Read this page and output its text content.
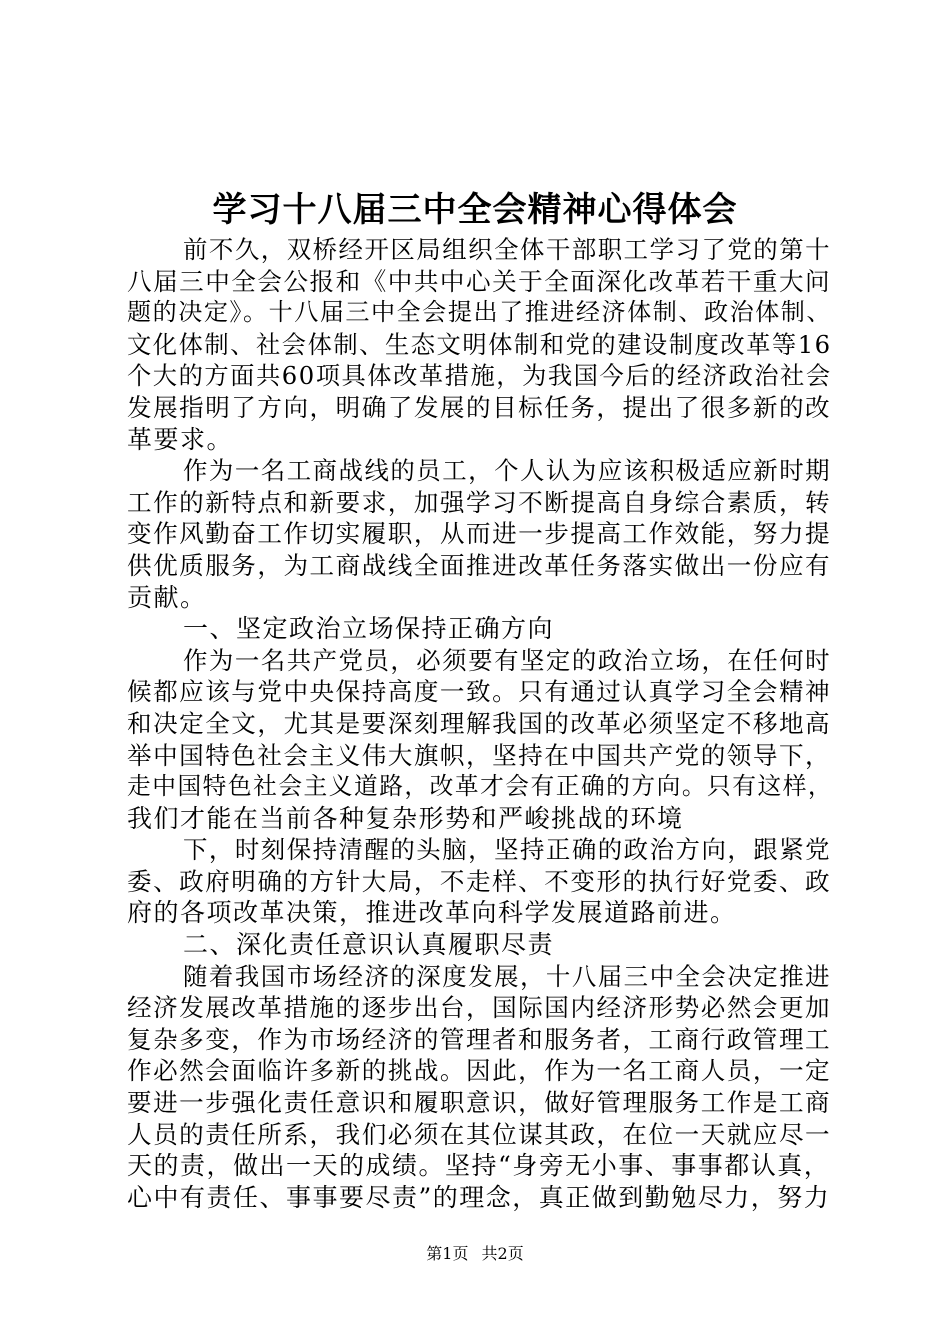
学习十八届三中全会精神心得体会
前不久，双桥经开区局组织全体干部职工学习了党的第十
八届三中全会公报和《中共中心关于全面深化改革若干重大问
题的决定》。十八届三中全会提出了推进经济体制、政治体制、
文化体制、社会体制、生态文明体制和党的建设制度改革等16
个大的方面共60项具体改革措施，为我国今后的经济政治社会
发展指明了方向，明确了发展的目标任务，提出了很多新的改
革要求。
作为一名工商战线的员工，个人认为应该积极适应新时期
工作的新特点和新要求，加强学习不断提高自身综合素质，转
变作风勤奋工作切实履职，从而进一步提高工作效能，努力提
供优质服务，为工商战线全面推进改革任务落实做出一份应有
贡献。
一、坚定政治立场保持正确方向
作为一名共产党员，必须要有坚定的政治立场，在任何时
候都应该与党中央保持高度一致。只有通过认真学习全会精神
和决定全文，尤其是要深刻理解我国的改革必须坚定不移地高
举中国特色社会主义伟大旗帜，坚持在中国共产党的领导下，
走中国特色社会主义道路，改革才会有正确的方向。只有这样，
我们才能在当前各种复杂形势和严峻挑战的环境
下，时刻保持清醒的头脑，坚持正确的政治方向，跟紧党
委、政府明确的方针大局，不走样、不变形的执行好党委、政
府的各项改革决策，推进改革向科学发展道路前进。
二、深化责任意识认真履职尽责
随着我国市场经济的深度发展，十八届三中全会决定推进
经济发展改革措施的逐步出台，国际国内经济形势必然会更加
复杂多变，作为市场经济的管理者和服务者，工商行政管理工
作必然会面临许多新的挑战。因此，作为一名工商人员，一定
要进一步强化责任意识和履职意识，做好管理服务工作是工商
人员的责任所系，我们必须在其位谋其政，在位一天就应尽一
天的责，做出一天的成绩。坚持“身旁无小事、事事都认真，
心中有责任、事事要尽责”的理念，真正做到勤勉尽力，努力
第1页 共2页
